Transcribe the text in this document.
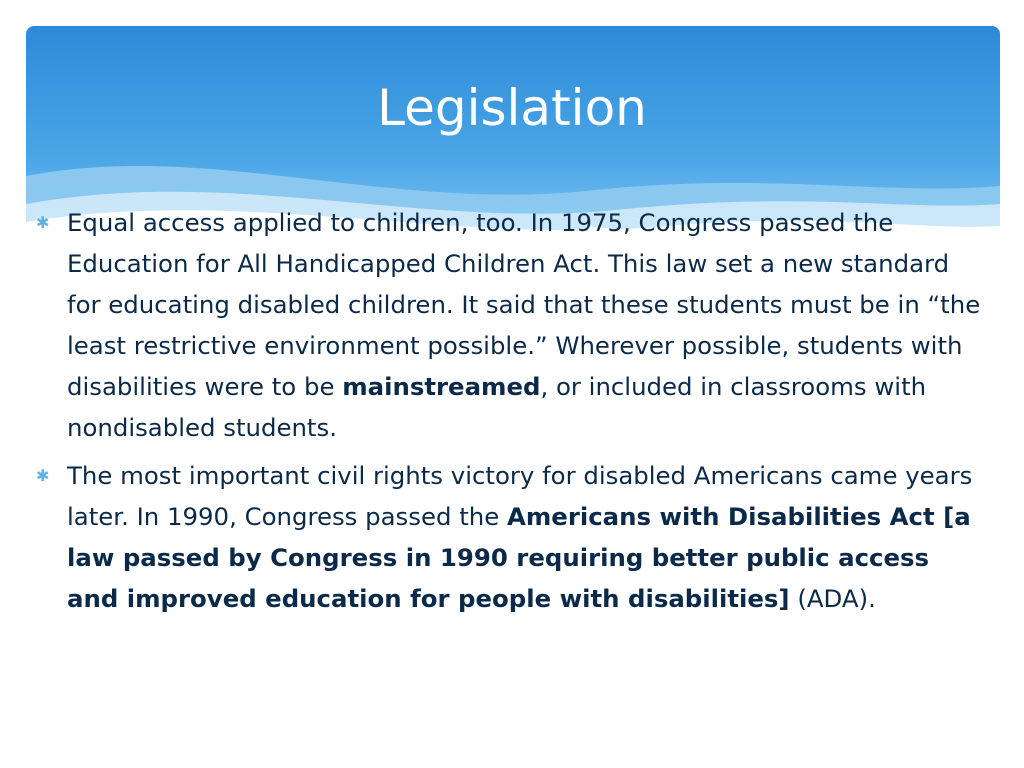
Legislation
✱ Equal access applied to children, too. In 1975, Congress passed the Education for All Handicapped Children Act. This law set a new standard for educating disabled children. It said that these students must be in “the least restrictive environment possible.” Wherever possible, students with disabilities were to be mainstreamed, or included in classrooms with nondisabled students.
✱ The most important civil rights victory for disabled Americans came years later. In 1990, Congress passed the Americans with Disabilities Act [a law passed by Congress in 1990 requiring better public access and improved education for people with disabilities] (ADA).
